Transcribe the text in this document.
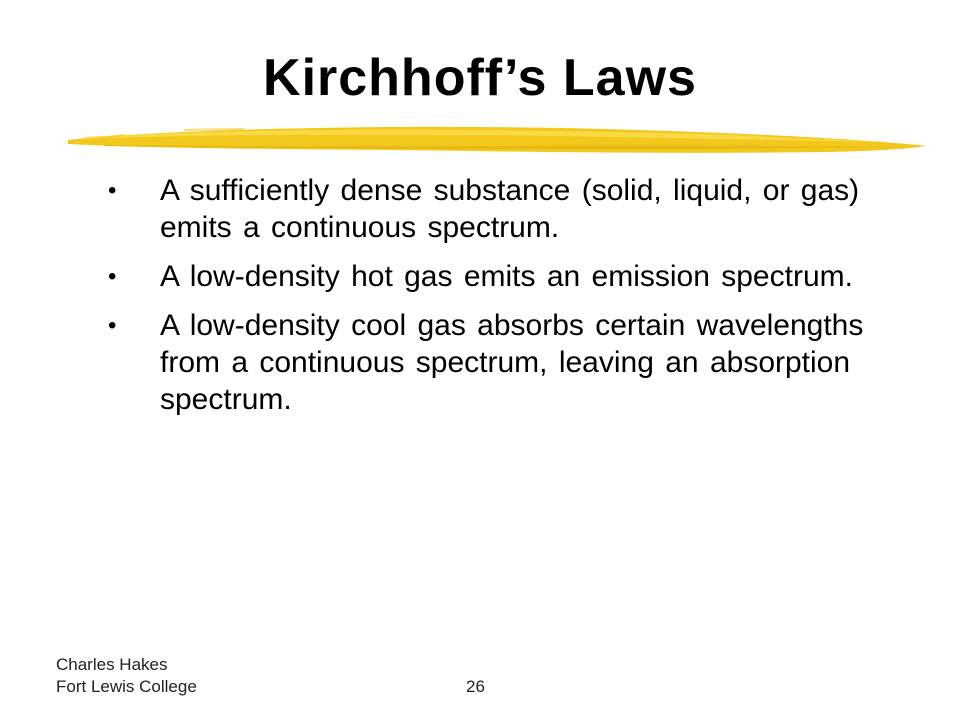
Kirchhoff’s Laws
•	A sufficiently dense substance (solid, liquid, or gas) emits a continuous spectrum.
•	A low-density hot gas emits an emission spectrum.
•	A low-density cool gas absorbs certain wavelengths from a continuous spectrum, leaving an absorption spectrum.
Charles Hakes
Fort Lewis College	26
